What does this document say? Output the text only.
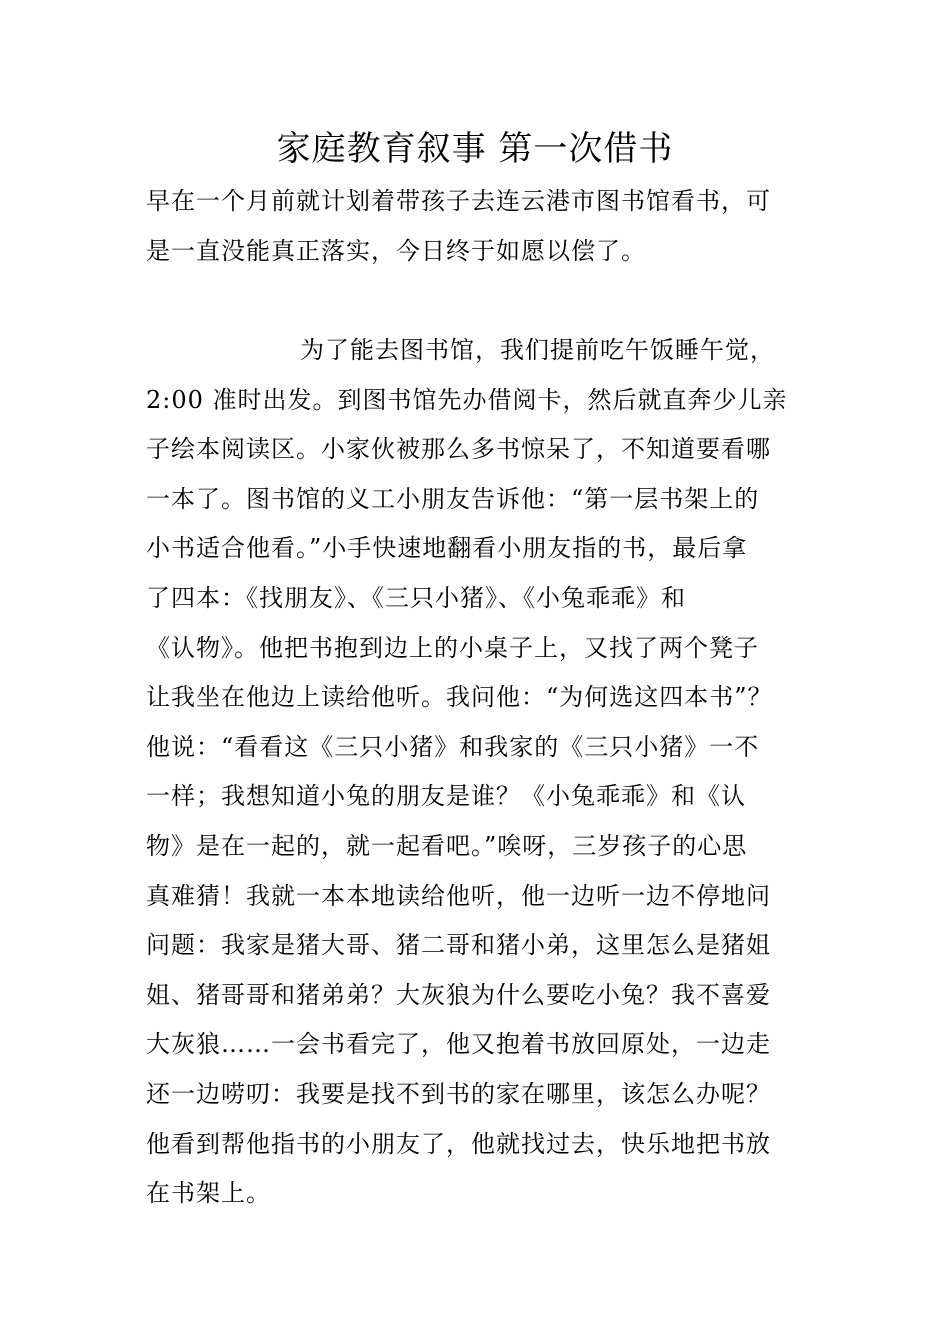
家庭教育叙事 第一次借书
早在一个月前就计划着带孩子去连云港市图书馆看书，可
是一直没能真正落实，今日终于如愿以偿了。
为了能去图书馆，我们提前吃午饭睡午觉，
2:00 准时出发。到图书馆先办借阅卡，然后就直奔少儿亲
子绘本阅读区。小家伙被那么多书惊呆了，不知道要看哪
一本了。图书馆的义工小朋友告诉他：“第一层书架上的
小书适合他看。”小手快速地翻看小朋友指的书，最后拿
了四本：《找朋友》、《三只小猪》、《小兔乖乖》和
《认物》。他把书抱到边上的小桌子上，又找了两个凳子
让我坐在他边上读给他听。我问他：“为何选这四本书”？
他说：“看看这《三只小猪》和我家的《三只小猪》一不
一样；我想知道小兔的朋友是谁？《小兔乖乖》和《认
物》是在一起的，就一起看吧。”唉呀，三岁孩子的心思
真难猜！我就一本本地读给他听，他一边听一边不停地问
问题：我家是猪大哥、猪二哥和猪小弟，这里怎么是猪姐
姐、猪哥哥和猪弟弟？大灰狼为什么要吃小兔？我不喜爱
大灰狼……一会书看完了，他又抱着书放回原处，一边走
还一边唠叨：我要是找不到书的家在哪里，该怎么办呢？
他看到帮他指书的小朋友了，他就找过去，快乐地把书放
在书架上。
